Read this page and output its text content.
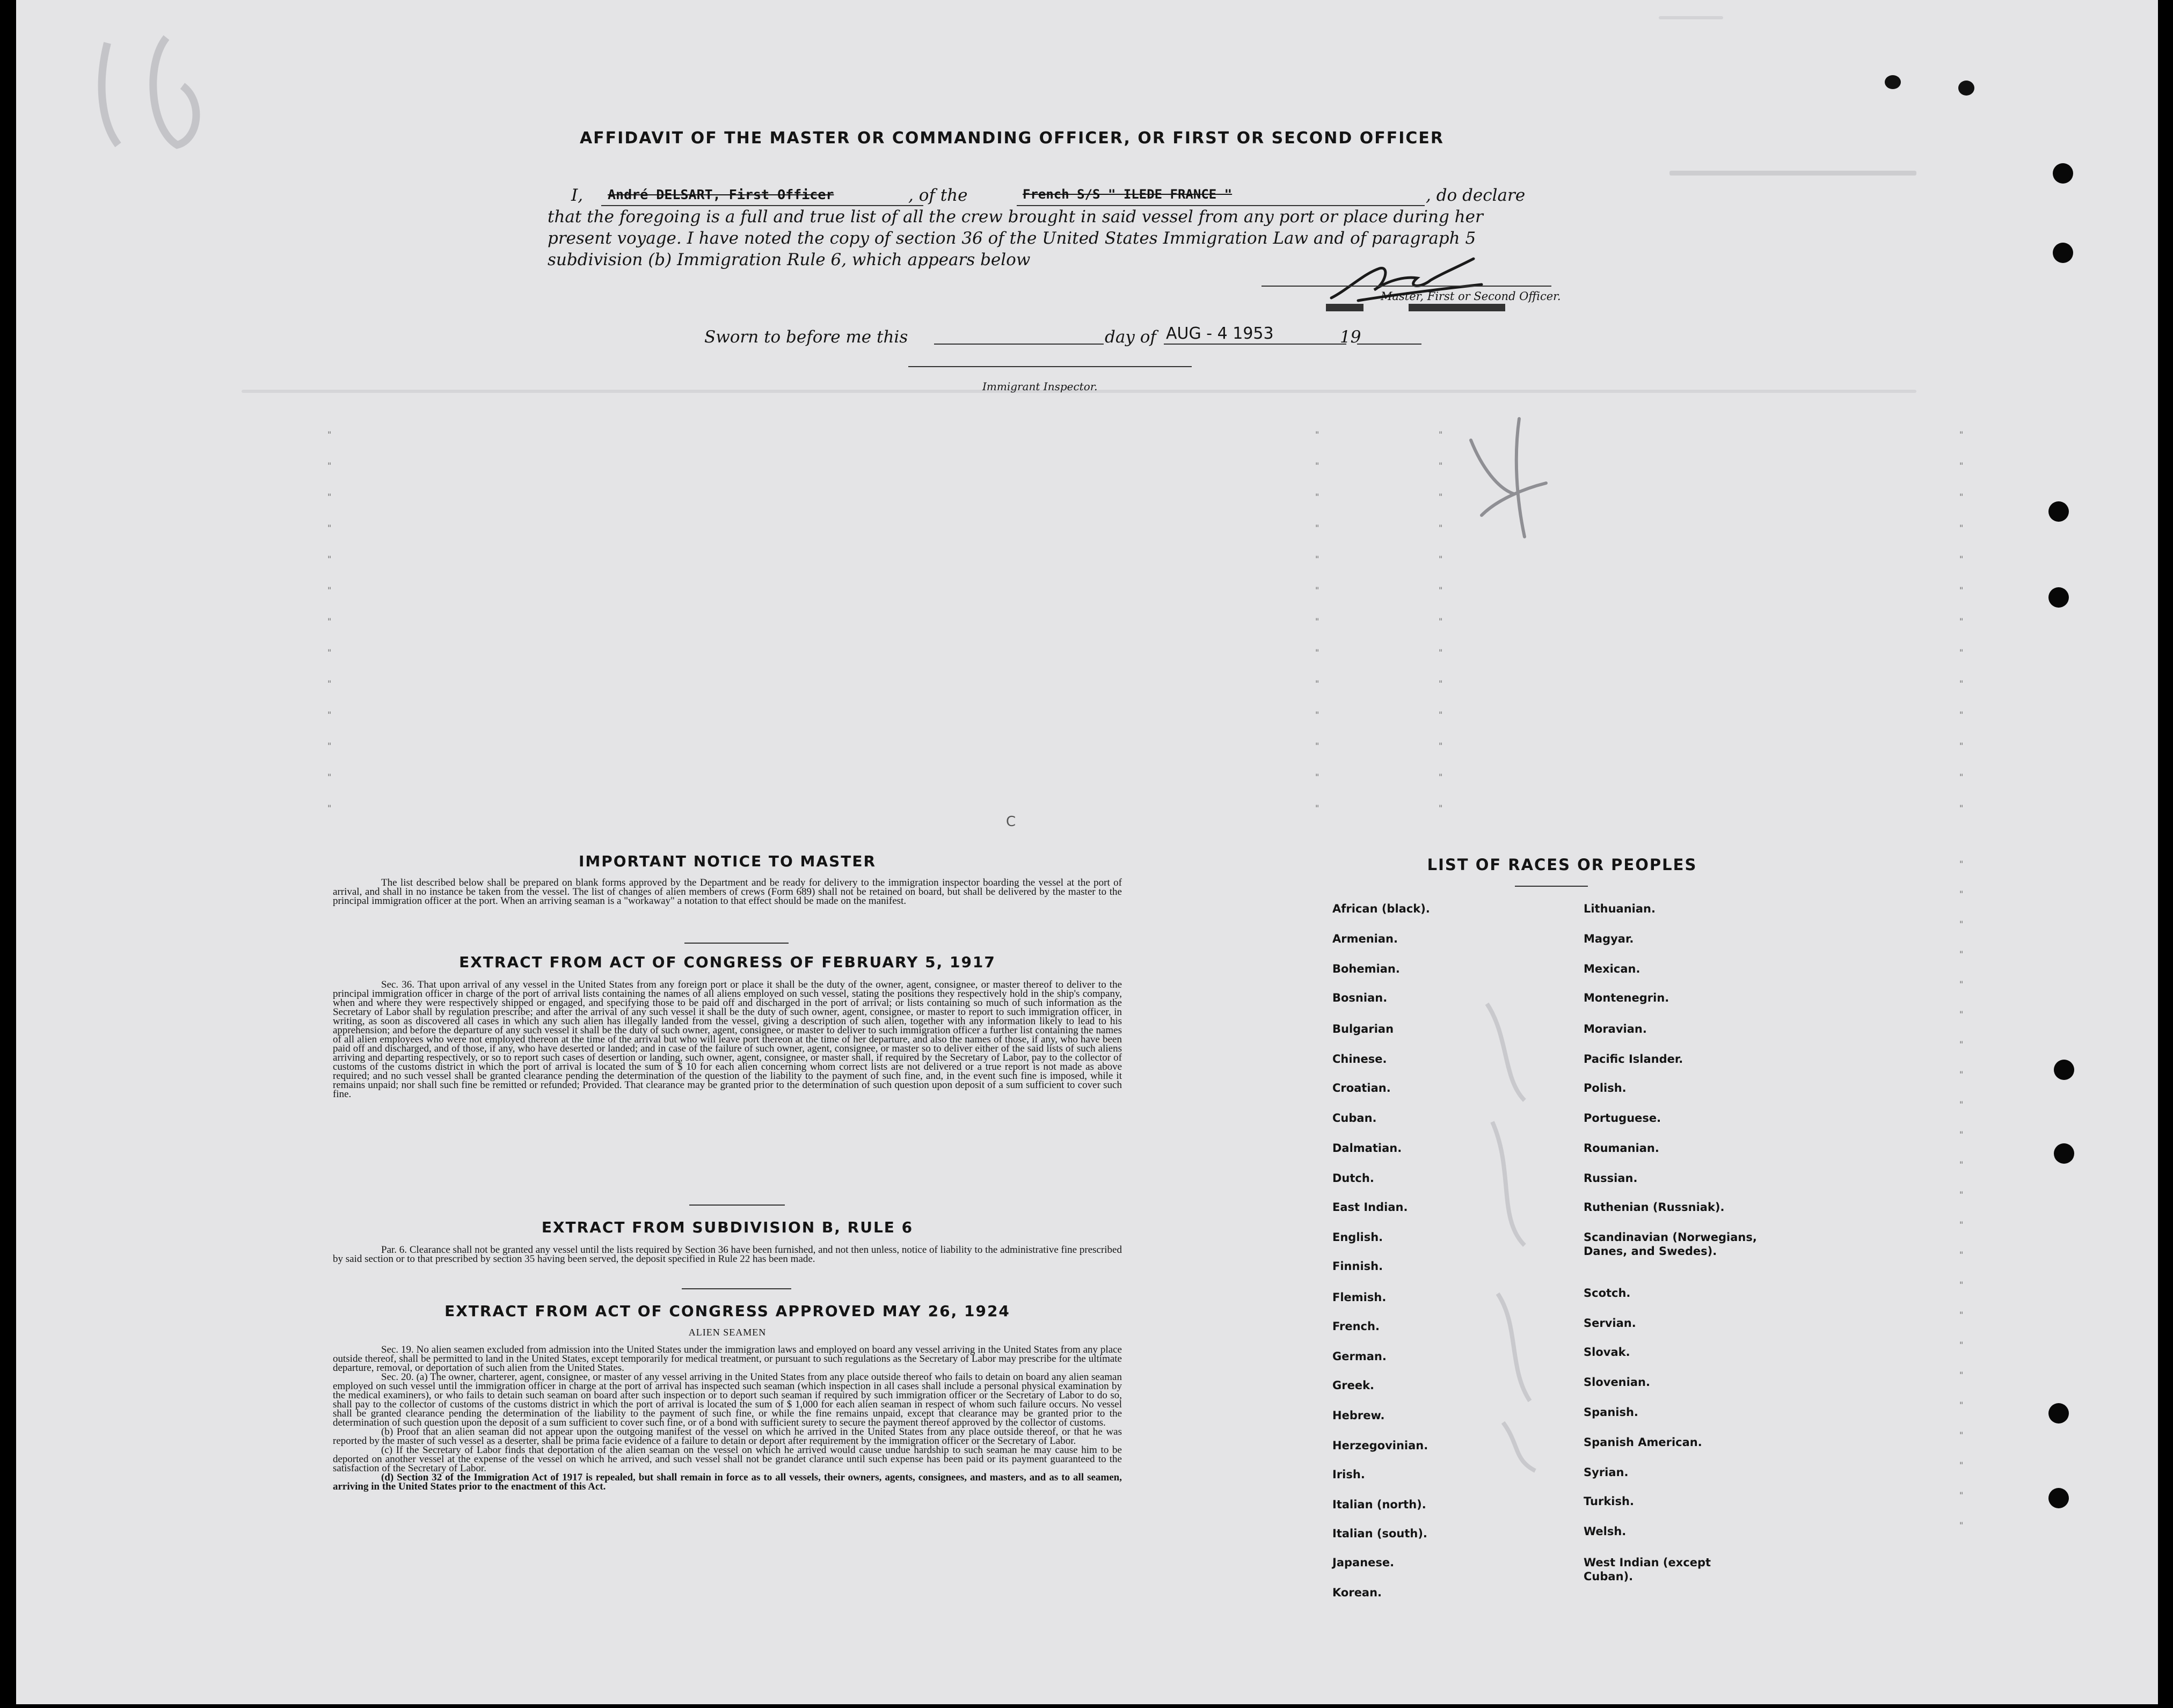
AFFIDAVIT OF THE MASTER OR COMMANDING OFFICER, OR FIRST OR SECOND OFFICER
I, André DELSART, First Officer	, of the	French S/S " ILEDE FRANCE "	, do declare
that the foregoing is a full and true list of all the crew brought in said vessel from any port or place during her
present voyage. I have noted the copy of section 36 of the United States Immigration Law and of paragraph 5
subdivision (b) Immigration Rule 6, which appears below
Master, First or Second Officer.
Sworn to before me this	day of AUG - 4 1953	19
Immigrant Inspector.
C
IMPORTANT NOTICE TO MASTER

The list described below shall be prepared on blank forms approved by the Department and be ready for delivery to the immigration inspector boarding the vessel at the port of arrival, and shall in no instance be taken from the vessel. The list of changes of alien members of crews (Form 689) shall not be retained on board, but shall be delivered by the master to the principal immigration officer at the port. When an arriving seaman is a "workaway" a notation to that effect should be made on the manifest.

EXTRACT FROM ACT OF CONGRESS OF FEBRUARY 5, 1917

Sec. 36. That upon arrival of any vessel in the United States from any foreign port or place it shall be the duty of the owner, agent, consignee, or master thereof to deliver to the principal immigration officer in charge of the port of arrival lists containing the names of all aliens employed on such vessel, stating the positions they respectively hold in the ship's company, when and where they were respectively shipped or engaged, and specifying those to be paid off and discharged in the port of arrival; or lists containing so much of such information as the Secretary of Labor shall by regulation prescribe; and after the arrival of any such vessel it shall be the duty of such owner, agent, consignee, or master to report to such immigration officer, in writing, as soon as discovered all cases in which any such alien has illegally landed from the vessel, giving a description of such alien, together with any information likely to lead to his apprehension; and before the departure of any such vessel it shall be the duty of such owner, agent, consignee, or master to deliver to such immigration officer a further list containing the names of all alien employees who were not employed thereon at the time of the arrival but who will leave port thereon at the time of her departure, and also the names of those, if any, who have been paid off and discharged, and of those, if any, who have deserted or landed; and in case of the failure of such owner, agent, consignee, or master so to deliver either of the said lists of such aliens arriving and departing respectively, or so to report such cases of desertion or landing, such owner, agent, consignee, or master shall, if required by the Secretary of Labor, pay to the collector of customs of the customs district in which the port of arrival is located the sum of $ 10 for each alien concerning whom correct lists are not delivered or a true report is not made as above required; and no such vessel shall be granted clearance pending the determination of the question of the liability to the payment of such fine, and, in the event such fine is imposed, while it remains unpaid; nor shall such fine be remitted or refunded; Provided. That clearance may be granted prior to the determination of such question upon deposit of a sum sufficient to cover such fine.

EXTRACT FROM SUBDIVISION B, RULE 6

Par. 6. Clearance shall not be granted any vessel until the lists required by Section 36 have been furnished, and not then unless, notice of liability to the administrative fine prescribed by said section or to that prescribed by section 35 having been served, the deposit specified in Rule 22 has been made.

EXTRACT FROM ACT OF CONGRESS APPROVED MAY 26, 1924
ALIEN SEAMEN

Sec. 19. No alien seamen excluded from admission into the United States under the immigration laws and employed on board any vessel arriving in the United States from any place outside thereof, shall be permitted to land in the United States, except temporarily for medical treatment, or pursuant to such regulations as the Secretary of Labor may prescribe for the ultimate departure, removal, or deportation of such alien from the United States.

Sec. 20. (a) The owner, charterer, agent, consignee, or master of any vessel arriving in the United States from any place outside thereof who fails to detain on board any alien seaman employed on such vessel until the immigration officer in charge at the port of arrival has inspected such seaman (which inspection in all cases shall include a personal physical examination by the medical examiners), or who fails to detain such seaman on board after such inspection or to deport such seaman if required by such immigration officer or the Secretary of Labor to do so, shall pay to the collector of customs of the customs district in which the port of arrival is located the sum of $ 1,000 for each alien seaman in respect of whom such failure occurs. No vessel shall be granted clearance pending the determination of the liability to the payment of such fine, or while the fine remains unpaid, except that clearance may be granted prior to the determination of such question upon the deposit of a sum sufficient to cover such fine, or of a bond with sufficient surety to secure the payment thereof approved by the collector of customs.

(b) Proof that an alien seaman did not appear upon the outgoing manifest of the vessel on which he arrived in the United States from any place outside thereof, or that he was reported by the master of such vessel as a deserter, shall be prima facie evidence of a failure to detain or deport after requirement by the immigration officer or the Secretary of Labor.

(c) If the Secretary of Labor finds that deportation of the alien seaman on the vessel on which he arrived would cause undue hardship to such seaman he may cause him to be deported on another vessel at the expense of the vessel on which he arrived, and such vessel shall not be grandet clarance until such expense has been paid or its payment guaranteed to the satisfaction of the Secretary of Labor.

(d) Section 32 of the Immigration Act of 1917 is repealed, but shall remain in force as to all vessels, their owners, agents, consignees, and masters, and as to all seamen, arriving in the United States prior to the enactment of this Act.

LIST OF RACES OR PEOPLES
African (black).
Armenian.
Bohemian.
Bosnian.
Bulgarian
Chinese.
Croatian.
Cuban.
Dalmatian.
Dutch.
East Indian.
English.
Finnish.
Flemish.
French.
German.
Greek.
Hebrew.
Herzegovinian.
Irish.
Italian (north).
Italian (south).
Japanese.
Korean.
Lithuanian.
Magyar.
Mexican.
Montenegrin.
Moravian.
Pacific Islander.
Polish.
Portuguese.
Roumanian.
Russian.
Ruthenian (Russniak).
Scandinavian (Norwegians, Danes, and Swedes).
Scotch.
Servian.
Slovak.
Slovenian.
Spanish.
Spanish American.
Syrian.
Turkish.
Welsh.
West Indian (except Cuban).
"	"	"	"
"	"	"	"
"	"	"	"
"	"	"	"
"	"	"	"
"	"	"	"
"	"	"	"
"	"	"	"
"	"	"	"
"	"	"	"
"	"	"	"
"	"	"	"
"	"	"	"
"
"
"
"
"
"
"
"
"
"
"
"
"
"
"
"
"
"
"
"
"
"
"
